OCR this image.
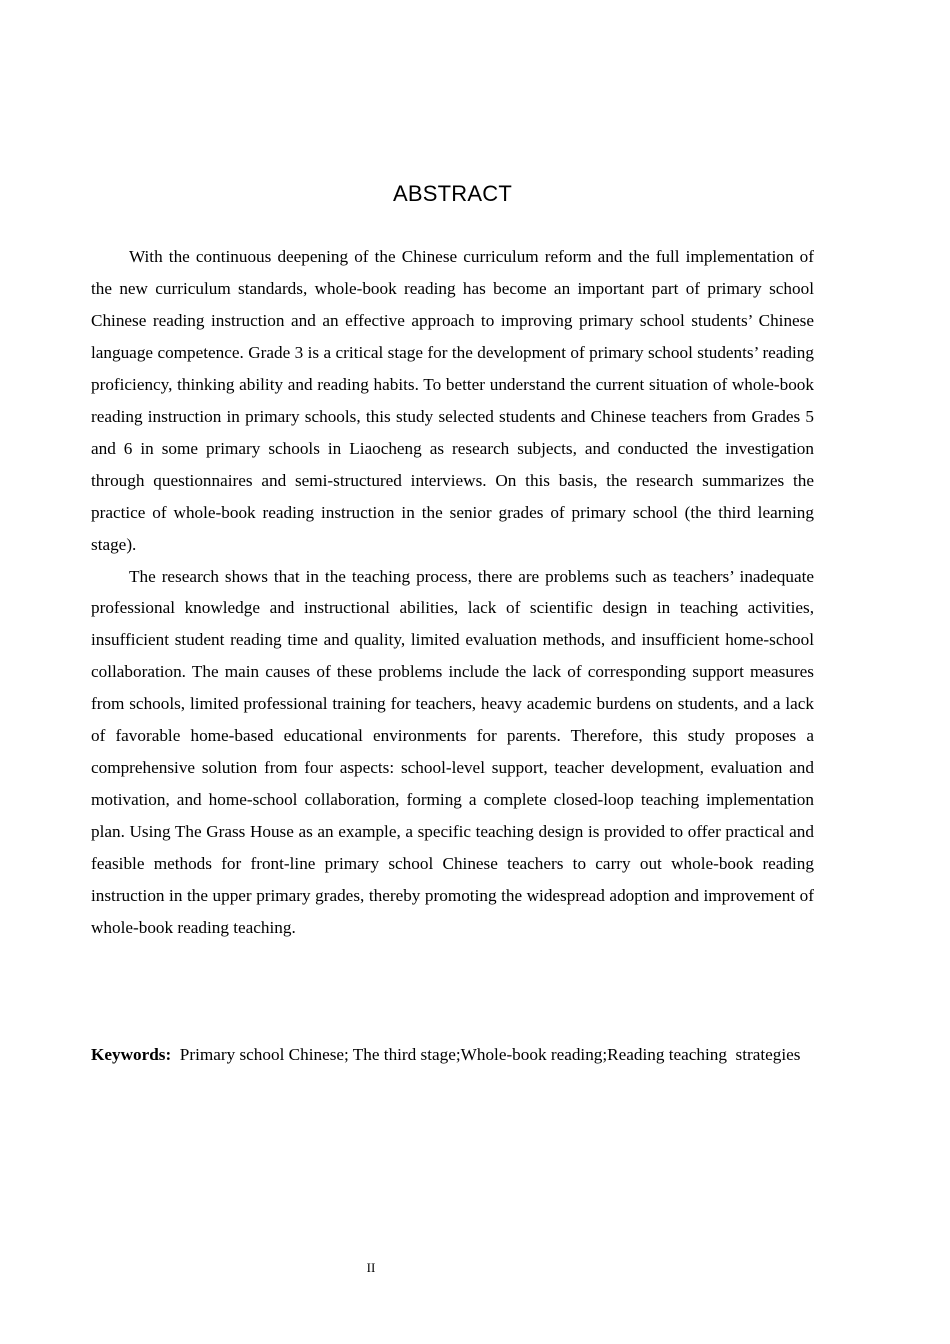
ABSTRACT

With the continuous deepening of the Chinese curriculum reform and the full implementation of the new curriculum standards, whole-book reading has become an important part of primary school Chinese reading instruction and an effective approach to improving primary school students’ Chinese language competence. Grade 3 is a critical stage for the development of primary school students’ reading proficiency, thinking ability and reading habits. To better understand the current situation of whole-book reading instruction in primary schools, this study selected students and Chinese teachers from Grades 5 and 6 in some primary schools in Liaocheng as research subjects, and conducted the investigation through questionnaires and semi-structured interviews. On this basis, the research summarizes the practice of whole-book reading instruction in the senior grades of primary school (the third learning stage).

The research shows that in the teaching process, there are problems such as teachers’ inadequate professional knowledge and instructional abilities, lack of scientific design in teaching activities, insufficient student reading time and quality, limited evaluation methods, and insufficient home-school collaboration. The main causes of these problems include the lack of corresponding support measures from schools, limited professional training for teachers, heavy academic burdens on students, and a lack of favorable home-based educational environments for parents. Therefore, this study proposes a comprehensive solution from four aspects: school-level support, teacher development, evaluation and motivation, and home-school collaboration, forming a complete closed-loop teaching implementation plan. Using The Grass House as an example, a specific teaching design is provided to offer practical and feasible methods for front-line primary school Chinese teachers to carry out whole-book reading instruction in the upper primary grades, thereby promoting the widespread adoption and improvement of whole-book reading teaching.

Keywords:  Primary school Chinese; The third stage;Whole-book reading;Reading teaching  strategies
II
